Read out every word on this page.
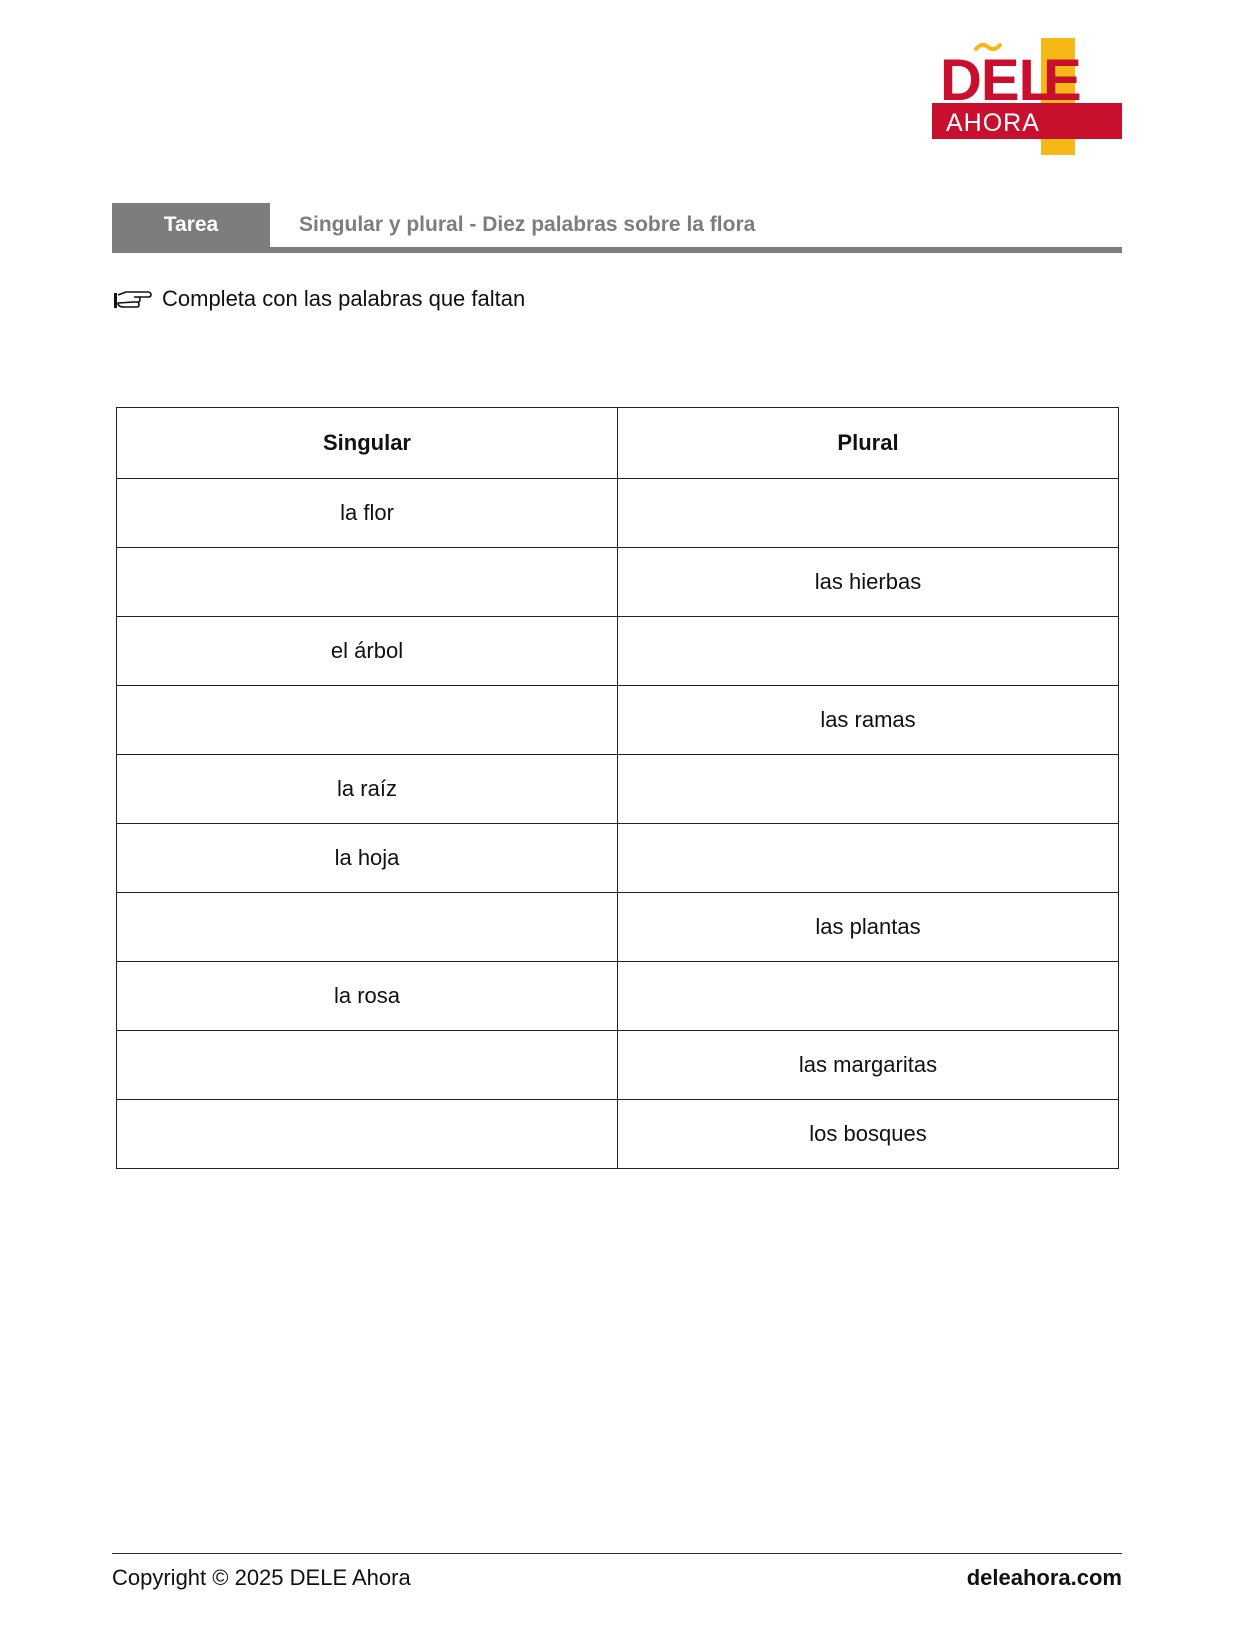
DEL
E
AHORA
Tarea	Singular y plural - Diez palabras sobre la flora
Completa con las palabras que faltan
Singular	Plural
la flor	
	las hierbas
el árbol	
	las ramas
la raíz	
la hoja	
	las plantas
la rosa	
	las margaritas
	los bosques
Copyright © 2025 DELE Ahora	deleahora.com
